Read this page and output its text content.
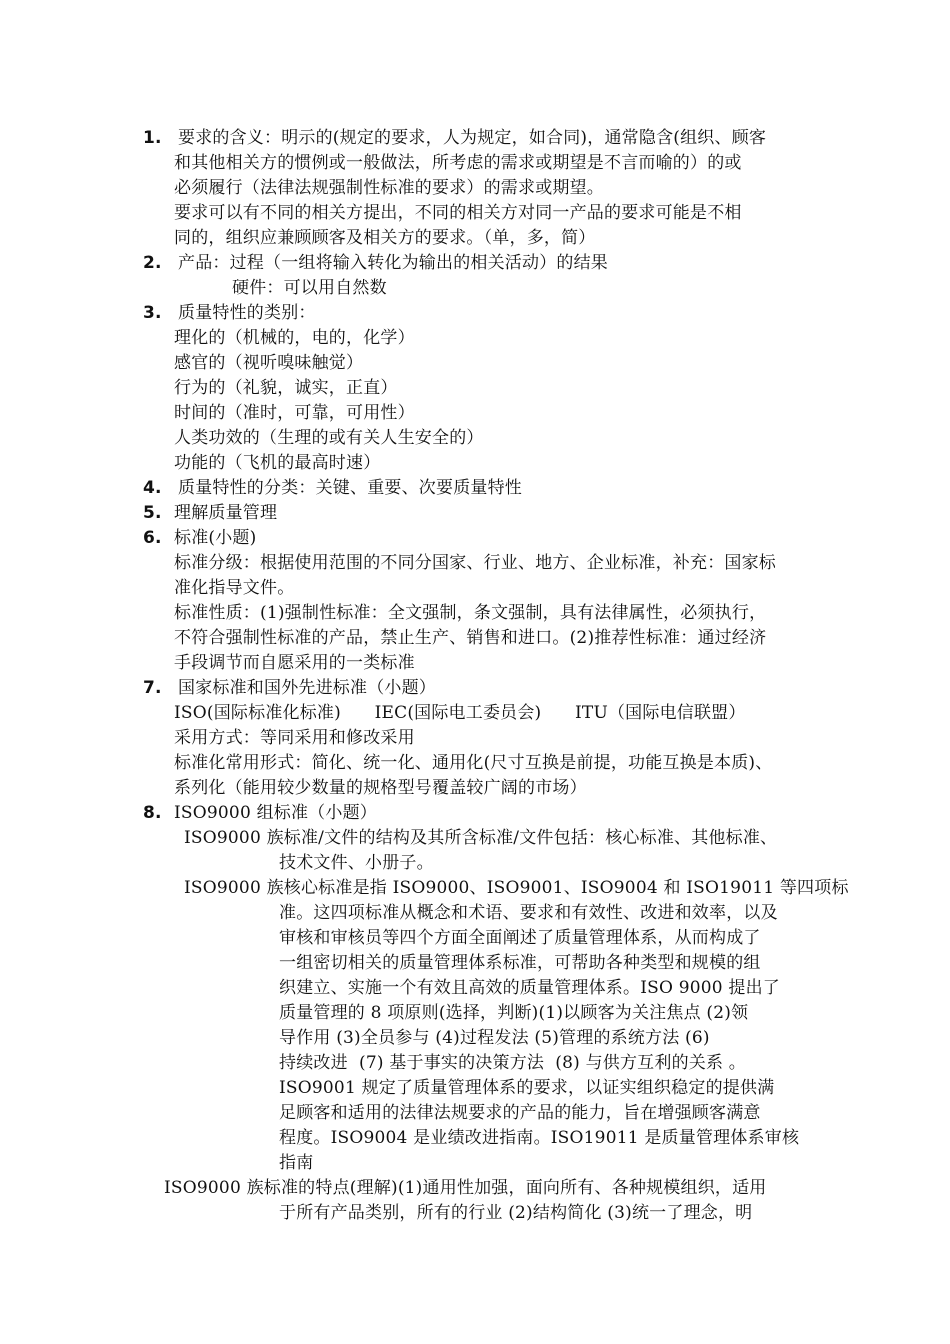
1. 要求的含义：明示的(规定的要求，人为规定，如合同)，通常隐含(组织、顾客
和其他相关方的惯例或一般做法，所考虑的需求或期望是不言而喻的）的或
必须履行（法律法规强制性标准的要求）的需求或期望。
要求可以有不同的相关方提出，不同的相关方对同一产品的要求可能是不相
同的，组织应兼顾顾客及相关方的要求。（单，多，简）
2. 产品：过程（一组将输入转化为输出的相关活动）的结果
硬件：可以用自然数
3. 质量特性的类别：
理化的（机械的，电的，化学）
感官的（视听嗅味触觉）
行为的（礼貌，诚实，正直）
时间的（准时，可靠，可用性）
人类功效的（生理的或有关人生安全的）
功能的（飞机的最高时速）
4. 质量特性的分类：关键、重要、次要质量特性
5. 理解质量管理
6. 标准(小题)
标准分级：根据使用范围的不同分国家、行业、地方、企业标准，补充：国家标
准化指导文件。
标准性质：(1)强制性标准：全文强制，条文强制，具有法律属性，必须执行，
不符合强制性标准的产品，禁止生产、销售和进口。(2)推荐性标准：通过经济
手段调节而自愿采用的一类标准
7. 国家标准和国外先进标准（小题）
ISO(国际标准化标准)      IEC(国际电工委员会)      ITU（国际电信联盟）
采用方式：等同采用和修改采用
标准化常用形式：简化、统一化、通用化(尺寸互换是前提，功能互换是本质)、
系列化（能用较少数量的规格型号覆盖较广阔的市场）
8. ISO9000 组标准（小题）
ISO9000 族标准/文件的结构及其所含标准/文件包括：核心标准、其他标准、
技术文件、小册子。
ISO9000 族核心标准是指 ISO9000、ISO9001、ISO9004 和 ISO19011 等四项标
准。这四项标准从概念和术语、要求和有效性、改进和效率，以及
审核和审核员等四个方面全面阐述了质量管理体系，从而构成了
一组密切相关的质量管理体系标准，可帮助各种类型和规模的组
织建立、实施一个有效且高效的质量管理体系。ISO 9000 提出了
质量管理的 8 项原则(选择，判断)(1)以顾客为关注焦点 (2)领
导作用 (3)全员参与 (4)过程发法 (5)管理的系统方法 (6)
持续改进  (7) 基于事实的决策方法  (8) 与供方互利的关系 。
ISO9001 规定了质量管理体系的要求，以证实组织稳定的提供满
足顾客和适用的法律法规要求的产品的能力，旨在增强顾客满意
程度。ISO9004 是业绩改进指南。ISO19011 是质量管理体系审核
指南
ISO9000 族标准的特点(理解)(1)通用性加强，面向所有、各种规模组织，适用
于所有产品类别，所有的行业 (2)结构简化 (3)统一了理念，明
